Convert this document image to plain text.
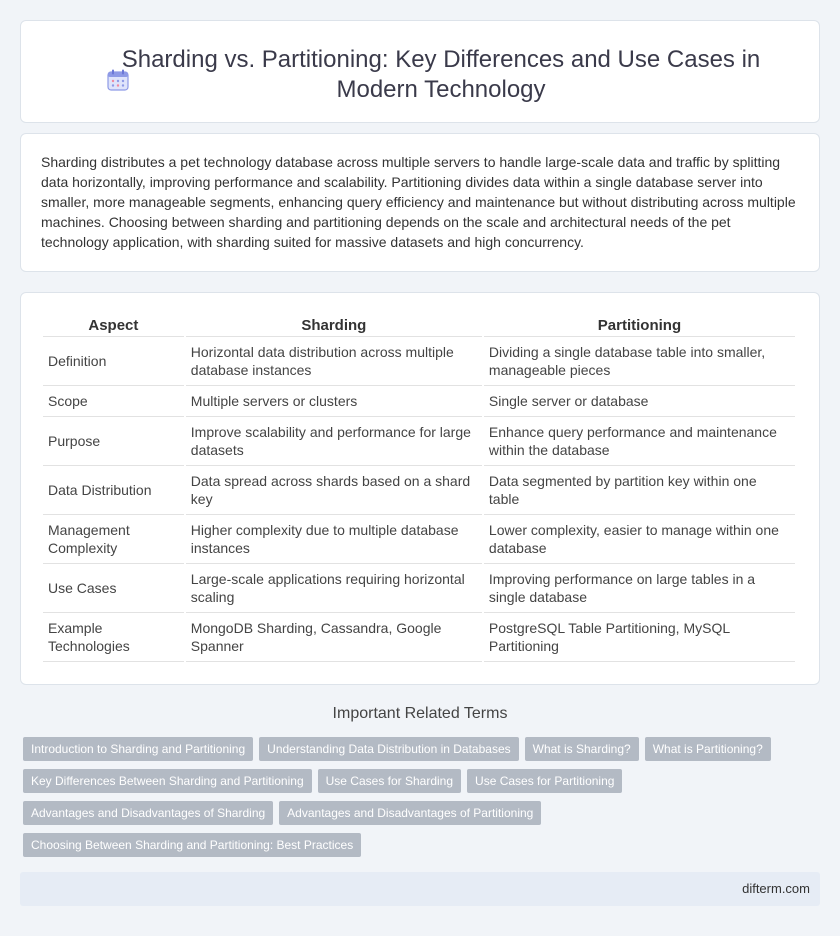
Sharding vs. Partitioning: Key Differences and Use Cases in Modern Technology

Sharding distributes a pet technology database across multiple servers to handle large-scale data and traffic by splitting data horizontally, improving performance and scalability. Partitioning divides data within a single database server into smaller, more manageable segments, enhancing query efficiency and maintenance but without distributing across multiple machines. Choosing between sharding and partitioning depends on the scale and architectural needs of the pet technology application, with sharding suited for massive datasets and high concurrency.

Aspect	Sharding	Partitioning
Definition	Horizontal data distribution across multiple database instances	Dividing a single database table into smaller, manageable pieces
Scope	Multiple servers or clusters	Single server or database
Purpose	Improve scalability and performance for large datasets	Enhance query performance and maintenance within the database
Data Distribution	Data spread across shards based on a shard key	Data segmented by partition key within one table
Management Complexity	Higher complexity due to multiple database instances	Lower complexity, easier to manage within one database
Use Cases	Large-scale applications requiring horizontal scaling	Improving performance on large tables in a single database
Example Technologies	MongoDB Sharding, Cassandra, Google Spanner	PostgreSQL Table Partitioning, MySQL Partitioning
Important Related Terms
Introduction to Sharding and Partitioning	Understanding Data Distribution in Databases	What is Sharding?	What is Partitioning?
Key Differences Between Sharding and Partitioning	Use Cases for Sharding	Use Cases for Partitioning
Advantages and Disadvantages of Sharding	Advantages and Disadvantages of Partitioning
Choosing Between Sharding and Partitioning: Best Practices
difterm.com
